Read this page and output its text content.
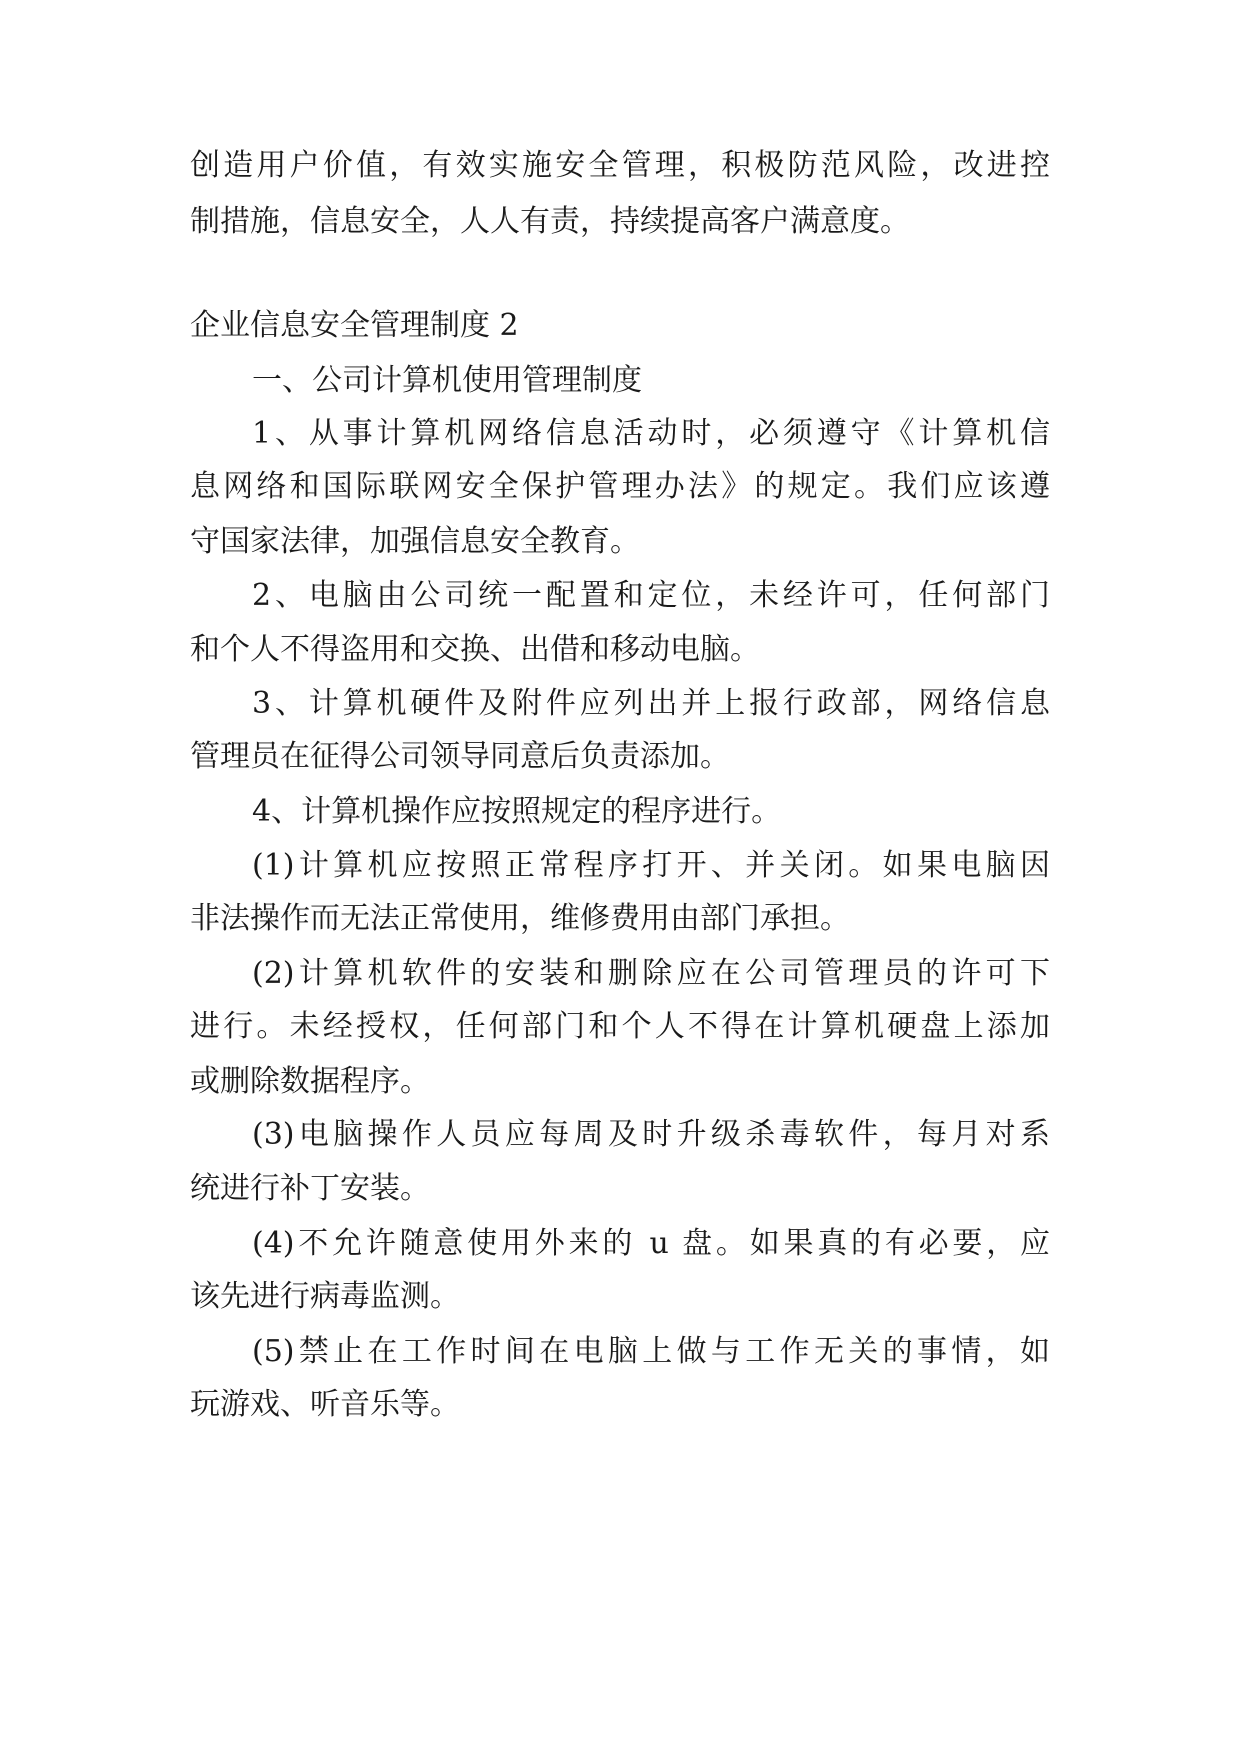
创造用户价值，有效实施安全管理，积极防范风险，改进控
制措施，信息安全，人人有责，持续提高客户满意度。
企业信息安全管理制度 2
一、公司计算机使用管理制度
1、从事计算机网络信息活动时，必须遵守《计算机信
息网络和国际联网安全保护管理办法》的规定。我们应该遵
守国家法律，加强信息安全教育。
2、电脑由公司统一配置和定位，未经许可，任何部门
和个人不得盗用和交换、出借和移动电脑。
3、计算机硬件及附件应列出并上报行政部，网络信息
管理员在征得公司领导同意后负责添加。
4、计算机操作应按照规定的程序进行。
(1)计算机应按照正常程序打开、并关闭。如果电脑因
非法操作而无法正常使用，维修费用由部门承担。
(2)计算机软件的安装和删除应在公司管理员的许可下
进行。未经授权，任何部门和个人不得在计算机硬盘上添加
或删除数据程序。
(3)电脑操作人员应每周及时升级杀毒软件，每月对系
统进行补丁安装。
(4)不允许随意使用外来的 u 盘。如果真的有必要，应
该先进行病毒监测。
(5)禁止在工作时间在电脑上做与工作无关的事情，如
玩游戏、听音乐等。
